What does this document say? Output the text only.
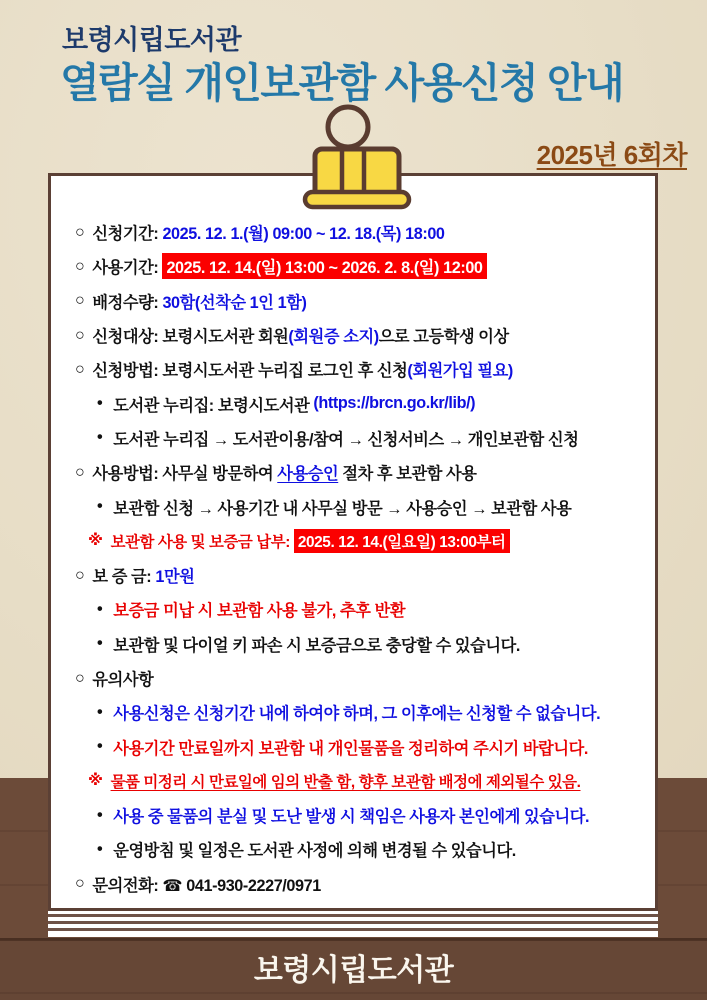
보령시립도서관
열람실 개인보관함 사용신청 안내
2025년 6회차
○ 신청기간: 2025. 12. 1.(월) 09:00 ~ 12. 18.(목) 18:00
○ 사용기간: 2025. 12. 14.(일) 13:00 ~ 2026. 2. 8.(일) 12:00
○ 배정수량: 30함(선착순 1인 1함)
○ 신청대상: 보령시도서관 회원 (회원증 소지) 으로 고등학생 이상
○ 신청방법: 보령시도서관 누리집 로그인 후 신청 (회원가입 필요)
• 도서관 누리집: 보령시도서관 (https://brcn.go.kr/lib/)
• 도서관 누리집 → 도서관이용/참여 → 신청서비스 → 개인보관함 신청
○ 사용방법: 사무실 방문하여 사용승인 절차 후 보관함 사용
• 보관함 신청 → 사용기간 내 사무실 방문 → 사용승인 → 보관함 사용
※ 보관함 사용 및 보증금 납부: 2025. 12. 14.(일요일) 13:00부터
○ 보 증 금: 1만원
• 보증금 미납 시 보관함 사용 불가, 추후 반환
• 보관함 및 다이얼 키 파손 시 보증금으로 충당할 수 있습니다.
○ 유의사항
• 사용신청은 신청기간 내에 하여야 하며, 그 이후에는 신청할 수 없습니다.
• 사용기간 만료일까지 보관함 내 개인물품을 정리하여 주시기 바랍니다.
※ 물품 미정리 시 만료일에 임의 반출 함, 향후 보관함 배정에 제외될수 있음.
• 사용 중 물품의 분실 및 도난 발생 시 책임은 사용자 본인에게 있습니다.
• 운영방침 및 일정은 도서관 사정에 의해 변경될 수 있습니다.
○ 문의전화: ☎ 041-930-2227/0971
보령시립도서관
